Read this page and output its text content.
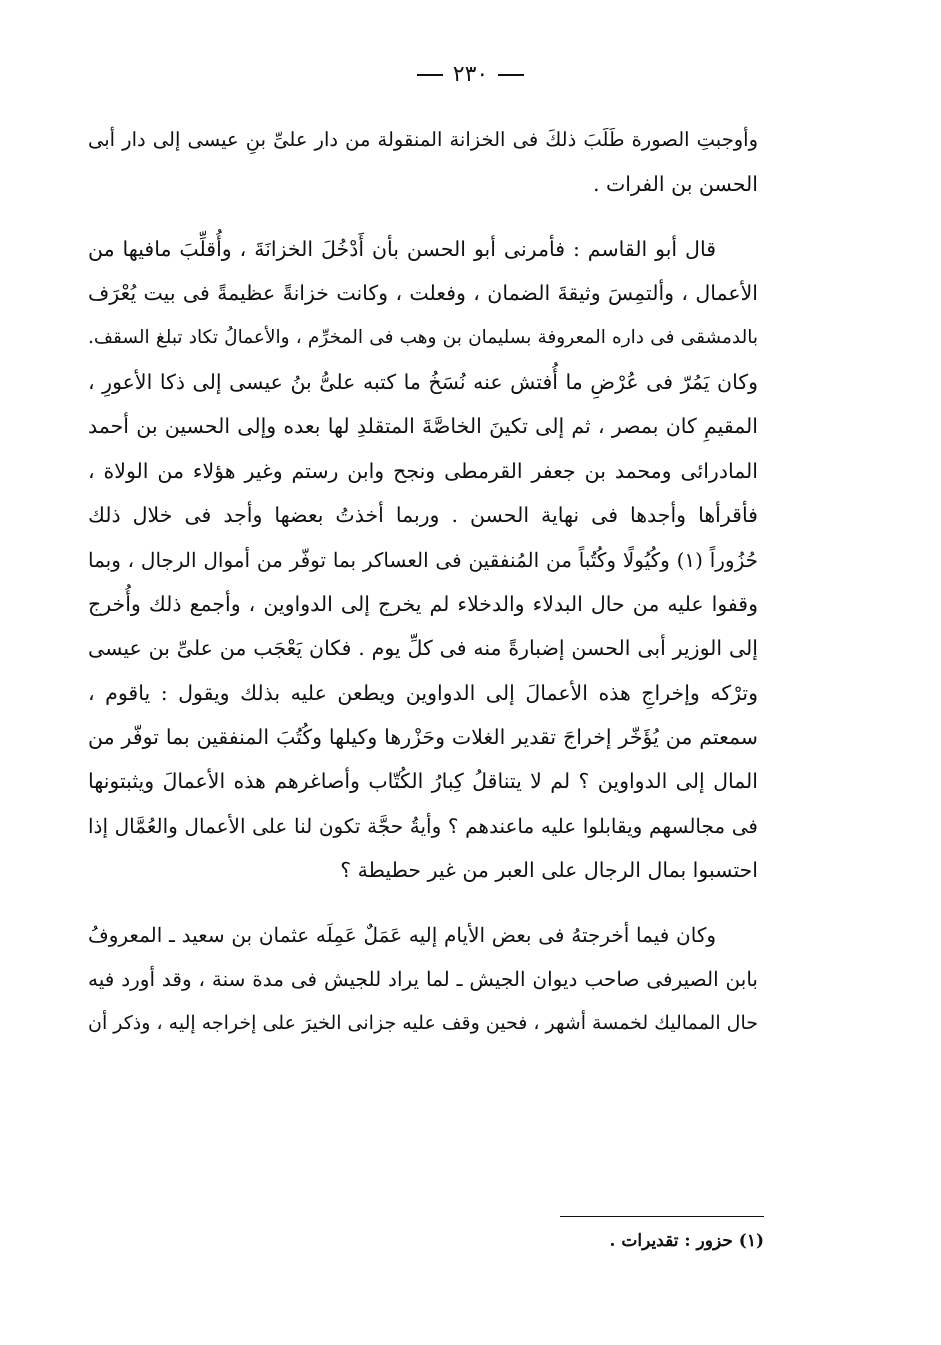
٢٣٠
وأوجبتِ الصورة طَلَبَ ذلكَ فى الخزانة المنقولة من دار علىِّ بنِ عيسى إلى دار أبى
الحسن بن الفرات .
قال أبو القاسم : فأمرنى أبو الحسن بأن أَدْخُلَ الخزانَةَ ، وأُقلِّبَ مافيها من
الأعمال ، وألتمِسَ وثيقةَ الضمان ، وفعلت ، وكانت خزانةً عظيمةً فى بيت يُعْرَف
بالدمشقى فى داره المعروفة بسليمان بن وهب فى المخرِّم ، والأعمالُ تكاد تبلغ السقف.
وكان يَمُرّ فى عُرْضِ ما أُفتش عنه نُسَخُ ما كتبه علىُّ بنُ عيسى إلى ذكا الأعورِ ،
المقيمِ كان بمصر ، ثم إلى تكينَ الخاصَّةَ المتقلدِ لها بعده وإلى الحسين بن أحمد
المادرائى ومحمد بن جعفر القرمطى ونجح وابن رستم وغير هؤلاء من الولاة ،
فأقرأها وأجدها فى نهاية الحسن . وربما أخذتُ بعضها وأجد فى خلال ذلك
حُزُوراً (١) وكُيُولًا وكُتُباً من المُنفقين فى العساكر بما توفّر من أموال الرجال ، وبما
وقفوا عليه من حال البدلاء والدخلاء لم يخرج إلى الدواوين ، وأجمع ذلك وأُخرج
إلى الوزير أبى الحسن إضبارةً منه فى كلِّ يوم . فكان يَعْجَب من علىِّ بن عيسى
وترْكه وإخراجِ هذه الأعمالَ إلى الدواوين ويطعن عليه بذلك ويقول : ياقوم ،
سمعتم من يُؤَخّر إخراجَ تقدير الغلات وحَزْرها وكيلها وكُتُبَ المنفقين بما توفّر من
المال إلى الدواوين ؟ لم لا يتناقلُ كِبارُ الكُتّاب وأصاغرهم هذه الأعمالَ ويثبتونها
فى مجالسهم ويقابلوا عليه ماعندهم ؟ وأيةُ حجَّة تكون لنا على الأعمال والعُمَّال إذا
احتسبوا بمال الرجال على العبر من غير حطيطة ؟
وكان فيما أخرجتهُ فى بعض الأيام إليه عَمَلٌ عَمِلَه عثمان بن سعيد ـ المعروفُ
بابن الصيرفى صاحب ديوان الجيش ـ لما يراد للجيش فى مدة سنة ، وقد أورد فيه
حال المماليك لخمسة أشهر ، فحين وقف عليه جزانى الخيرَ على إخراجه إليه ، وذكر أن
(١) حزور : تقديرات .
